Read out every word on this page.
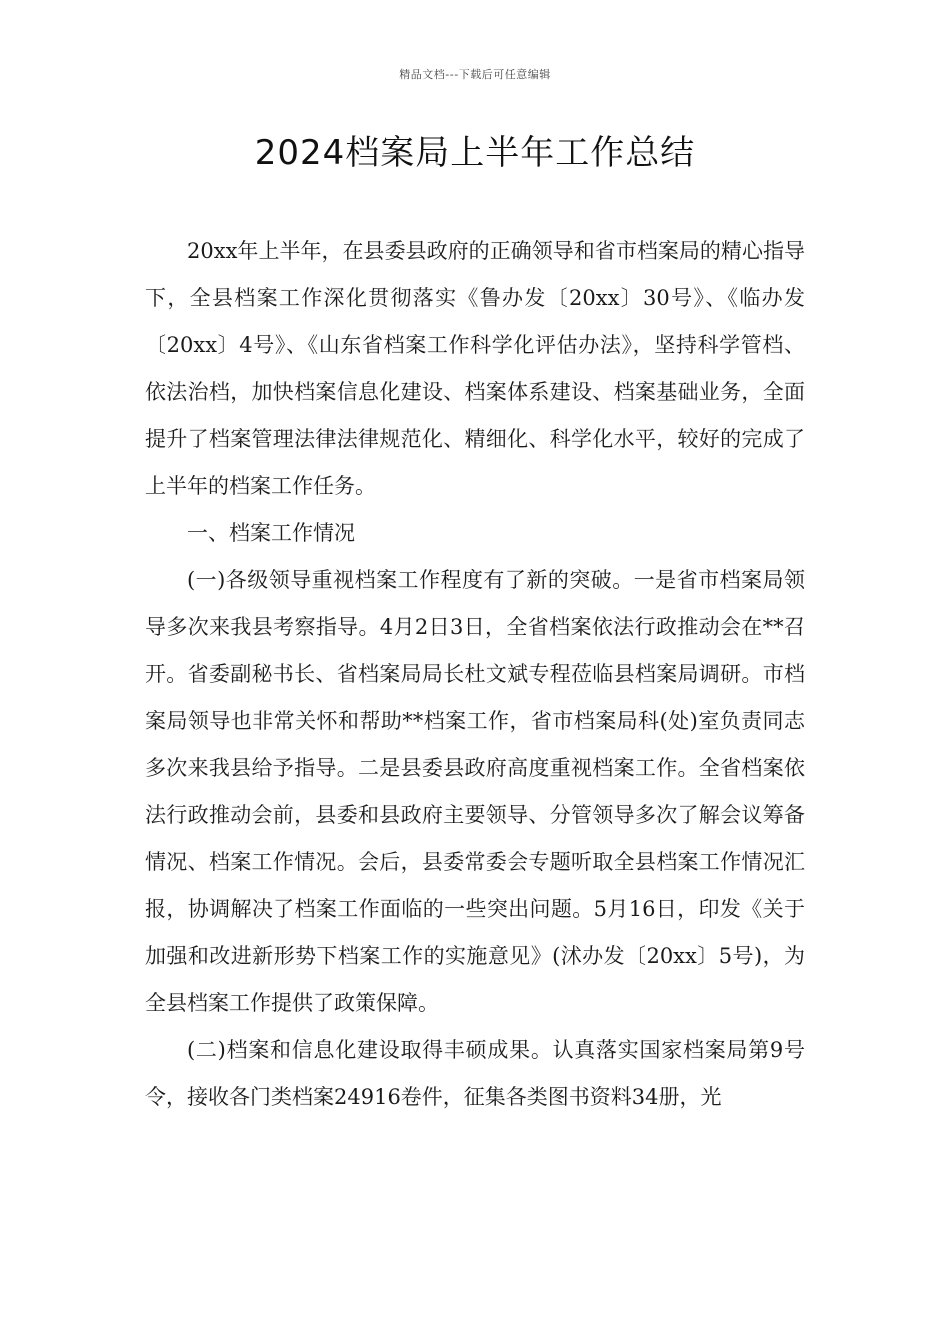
精品文档---下载后可任意编辑
2024档案局上半年工作总结

20xx年上半年，在县委县政府的正确领导和省市档案局的精心指导下，全县档案工作深化贯彻落实《鲁办发〔20xx〕30号》、《临办发〔20xx〕4号》、《山东省档案工作科学化评估办法》，坚持科学管档、依法治档，加快档案信息化建设、档案体系建设、档案基础业务，全面提升了档案管理法律法律规范化、精细化、科学化水平，较好的完成了上半年的档案工作任务。

一、档案工作情况

(一)各级领导重视档案工作程度有了新的突破。一是省市档案局领导多次来我县考察指导。4月2日3日，全省档案依法行政推动会在**召开。省委副秘书长、省档案局局长杜文斌专程莅临县档案局调研。市档案局领导也非常关怀和帮助**档案工作，省市档案局科(处)室负责同志多次来我县给予指导。二是县委县政府高度重视档案工作。全省档案依法行政推动会前，县委和县政府主要领导、分管领导多次了解会议筹备情况、档案工作情况。会后，县委常委会专题听取全县档案工作情况汇报，协调解决了档案工作面临的一些突出问题。5月16日，印发《关于加强和改进新形势下档案工作的实施意见》(沭办发〔20xx〕5号)，为全县档案工作提供了政策保障。

(二)档案和信息化建设取得丰硕成果。认真落实国家档案局第9号令，接收各门类档案24916卷件，征集各类图书资料34册，光
